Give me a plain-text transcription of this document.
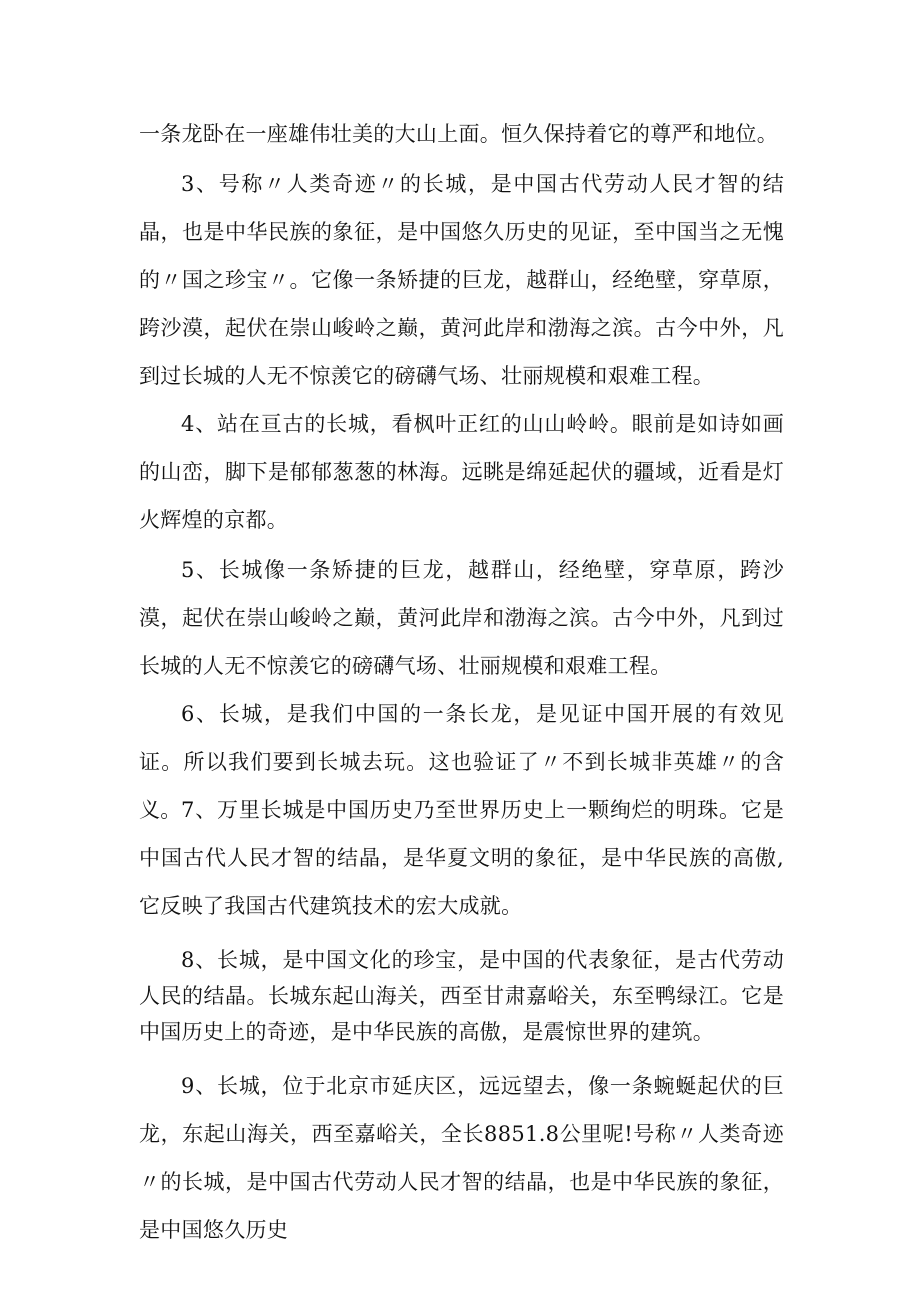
一条龙卧在一座雄伟壮美的大山上面。恒久保持着它的尊严和地位。

3、号称〃人类奇迹〃的长城，是中国古代劳动人民才智的结晶，也是中华民族的象征，是中国悠久历史的见证，至中国当之无愧的〃国之珍宝〃。它像一条矫捷的巨龙，越群山，经绝壁，穿草原，跨沙漠，起伏在崇山峻岭之巅，黄河此岸和渤海之滨。古今中外，凡到过长城的人无不惊羡它的磅礴气场、壮丽规模和艰难工程。

4、站在亘古的长城，看枫叶正红的山山岭岭。眼前是如诗如画的山峦，脚下是郁郁葱葱的林海。远眺是绵延起伏的疆域，近看是灯火辉煌的京都。

5、长城像一条矫捷的巨龙，越群山，经绝壁，穿草原，跨沙漠，起伏在崇山峻岭之巅，黄河此岸和渤海之滨。古今中外，凡到过长城的人无不惊羡它的磅礴气场、壮丽规模和艰难工程。

6、长城，是我们中国的一条长龙，是见证中国开展的有效见证。所以我们要到长城去玩。这也验证了〃不到长城非英雄〃的含义。 7、万里长城是中国历史乃至世界历史上一颗绚烂的明珠。它是中国古代人民才智的结晶，是华夏文明的象征，是中华民族的高傲,它反映了我国古代建筑技术的宏大成就。

8、长城，是中国文化的珍宝，是中国的代表象征，是古代劳动人民的结晶。长城东起山海关，西至甘肃嘉峪关，东至鸭绿江。它是中国历史上的奇迹，是中华民族的高傲，是震惊世界的建筑。

9、长城，位于北京市延庆区，远远望去，像一条蜿蜒起伏的巨龙，东起山海关，西至嘉峪关，全长8851.8公里呢!号称〃人类奇迹〃的长城，是中国古代劳动人民才智的结晶，也是中华民族的象征，是中国悠久历史
